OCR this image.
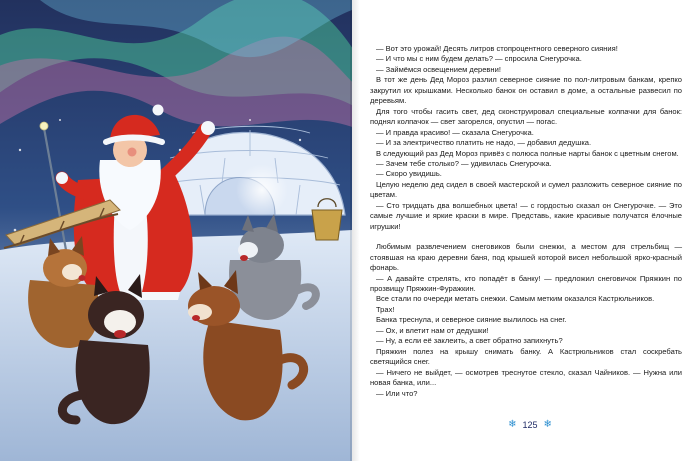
— Вот это урожай! Десять литров стопроцентного северного сияния!

— И что мы с ним будем делать? — спросила Снегурочка.

— Займёмся освещением деревни!

В тот же день Дед Мороз разлил северное сияние по пол-литровым банкам, крепко закрутил их крышками. Несколько банок он оставил в доме, а остальные развесил по деревьям.

Для того чтобы гасить свет, дед сконструировал специальные колпачки для банок: поднял колпачок — свет загорелся, опустил — погас.

— И правда красиво! — сказала Снегурочка.

— И за электричество платить не надо, — добавил дедушка.

В следующий раз Дед Мороз привёз с полюса полные нарты банок с цветным снегом.

— Зачем тебе столько? — удивилась Снегурочка.

— Скоро увидишь.

Целую неделю дед сидел в своей мастерской и сумел разложить северное сияние по цветам.

— Сто тридцать два волшебных цвета! — с гордостью сказал он Снегурочке. — Это самые лучшие и яркие краски в мире. Представь, какие красивые получатся ёлочные игрушки!

Любимым развлечением снеговиков были снежки, а местом для стрельбищ — стоявшая на краю деревни баня, под крышей которой висел небольшой ярко-красный фонарь.

— А давайте стрелять, кто попадёт в банку! — предложил снеговичок Пряжкин по прозвищу Пряжкин-Фуражкин.

Все стали по очереди метать снежки. Самым метким оказался Кастрюльников.

Трах!

Банка треснула, и северное сияние вылилось на снег.

— Ох, и влетит нам от дедушки!

— Ну, а если её заклеить, а свет обратно запихнуть?

Пряжкин полез на крышу снимать банку. А Кастрюльников стал соскребать светящийся снег.

— Ничего не выйдет, — осмотрев треснутое стекло, сказал Чайников. — Нужна или новая банка, или...

— Или что?

❄ 125 ❄
